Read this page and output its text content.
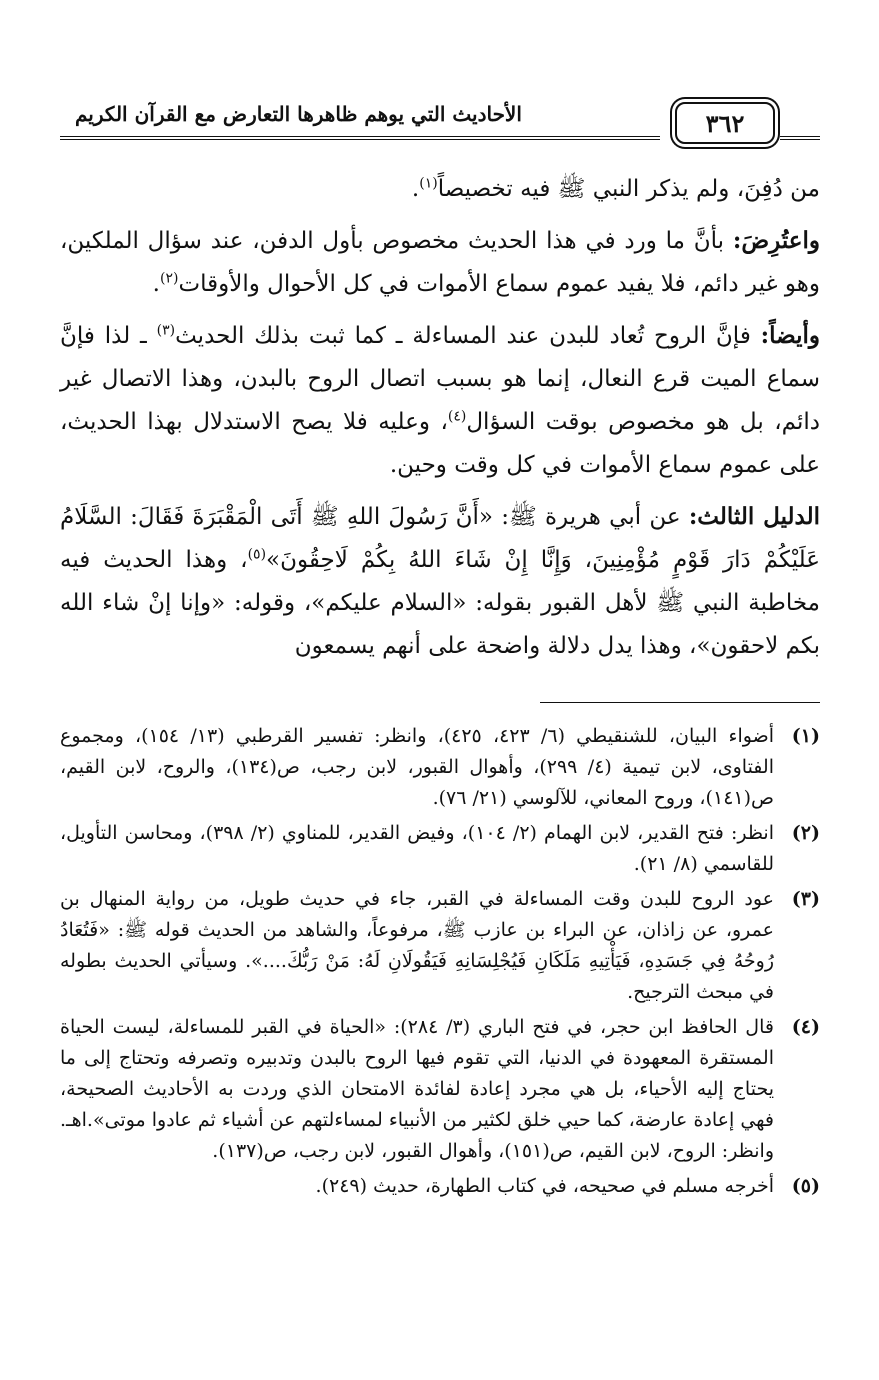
٣٦٢
الأحاديث التي يوهم ظاهرها التعارض مع القرآن الكريم

من دُفِنَ، ولم يذكر النبي ﷺ فيه تخصيصاً$^{(١)}$.

واعتُرِضَ: بأنَّ ما ورد في هذا الحديث مخصوص بأول الدفن، عند سؤال الملكين، وهو غير دائم، فلا يفيد عموم سماع الأموات في كل الأحوال والأوقات$^{(٢)}$.

وأيضاً: فإنَّ الروح تُعاد للبدن عند المساءلة ـ كما ثبت بذلك الحديث$^{(٣)}$ ـ لذا فإنَّ سماع الميت قرع النعال، إنما هو بسبب اتصال الروح بالبدن، وهذا الاتصال غير دائم، بل هو مخصوص بوقت السؤال$^{(٤)}$، وعليه فلا يصح الاستدلال بهذا الحديث، على عموم سماع الأموات في كل وقت وحين.

الدليل الثالث: عن أبي هريرة ﷺ: «أَنَّ رَسُولَ اللهِ ﷺ أَتَى الْمَقْبَرَةَ فَقَالَ: السَّلَامُ عَلَيْكُمْ دَارَ قَوْمٍ مُؤْمِنِينَ، وَإِنَّا إِنْ شَاءَ اللهُ بِكُمْ لَاحِقُونَ»$^{(٥)}$، وهذا الحديث فيه مخاطبة النبي ﷺ لأهل القبور بقوله: «السلام عليكم»، وقوله: «وإنا إنْ شاء الله بكم لاحقون»، وهذا يدل دلالة واضحة على أنهم يسمعون

(١)
أضواء البيان، للشنقيطي (٦/ ٤٢٣، ٤٢٥)، وانظر: تفسير القرطبي (١٣/ ١٥٤)، ومجموع الفتاوى، لابن تيمية (٤/ ٢٩٩)، وأهوال القبور، لابن رجب، ص(١٣٤)، والروح، لابن القيم، ص(١٤١)، وروح المعاني، للآلوسي (٢١/ ٧٦).
(٢)
انظر: فتح القدير، لابن الهمام (٢/ ١٠٤)، وفيض القدير، للمناوي (٢/ ٣٩٨)، ومحاسن التأويل، للقاسمي (٨/ ٢١).
(٣)
عود الروح للبدن وقت المساءلة في القبر، جاء في حديث طويل، من رواية المنهال بن عمرو، عن زاذان، عن البراء بن عازب ﷺ، مرفوعاً، والشاهد من الحديث قوله ﷺ: «فَتُعَادُ رُوحُهُ فِي جَسَدِهِ، فَيَأْتِيهِ مَلَكَانِ فَيُجْلِسَانِهِ فَيَقُولَانِ لَهُ: مَنْ رَبُّكَ....». وسيأتي الحديث بطوله في مبحث الترجيح.
(٤)
قال الحافظ ابن حجر، في فتح الباري (٣/ ٢٨٤): «الحياة في القبر للمساءلة، ليست الحياة المستقرة المعهودة في الدنيا، التي تقوم فيها الروح بالبدن وتدبيره وتصرفه وتحتاج إلى ما يحتاج إليه الأحياء، بل هي مجرد إعادة لفائدة الامتحان الذي وردت به الأحاديث الصحيحة، فهي إعادة عارضة، كما حيي خلق لكثير من الأنبياء لمساءلتهم عن أشياء ثم عادوا موتى».اهـ. وانظر: الروح، لابن القيم، ص(١٥١)، وأهوال القبور، لابن رجب، ص(١٣٧).
(٥)
أخرجه مسلم في صحيحه، في كتاب الطهارة، حديث (٢٤٩).
